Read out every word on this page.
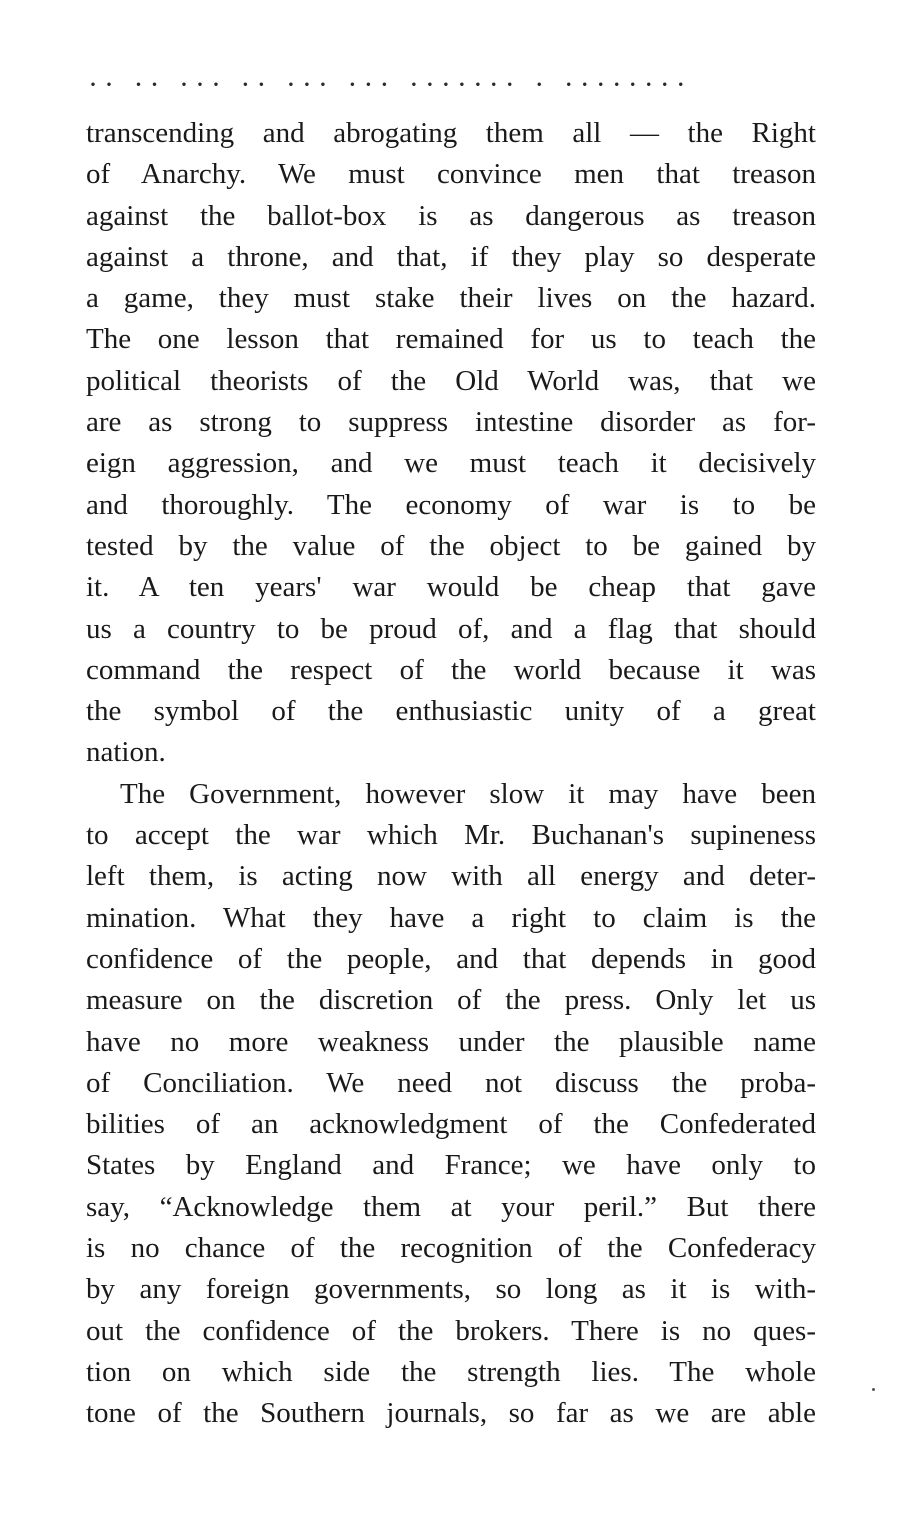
·· ·· ··· ·· ··· ··· ······· · ········
transcending and abrogating them all — the Right
of Anarchy. We must convince men that treason
against the ballot-box is as dangerous as treason
against a throne, and that, if they play so desperate
a game, they must stake their lives on the hazard.
The one lesson that remained for us to teach the
political theorists of the Old World was, that we
are as strong to suppress intestine disorder as for-
eign aggression, and we must teach it decisively
and thoroughly. The economy of war is to be
tested by the value of the object to be gained by
it. A ten years' war would be cheap that gave
us a country to be proud of, and a flag that should
command the respect of the world because it was
the symbol of the enthusiastic unity of a great
nation.
The Government, however slow it may have been
to accept the war which Mr. Buchanan's supineness
left them, is acting now with all energy and deter-
mination. What they have a right to claim is the
confidence of the people, and that depends in good
measure on the discretion of the press. Only let us
have no more weakness under the plausible name
of Conciliation. We need not discuss the proba-
bilities of an acknowledgment of the Confederated
States by England and France; we have only to
say, “Acknowledge them at your peril.” But there
is no chance of the recognition of the Confederacy
by any foreign governments, so long as it is with-
out the confidence of the brokers. There is no ques-
tion on which side the strength lies. The whole
tone of the Southern journals, so far as we are able
